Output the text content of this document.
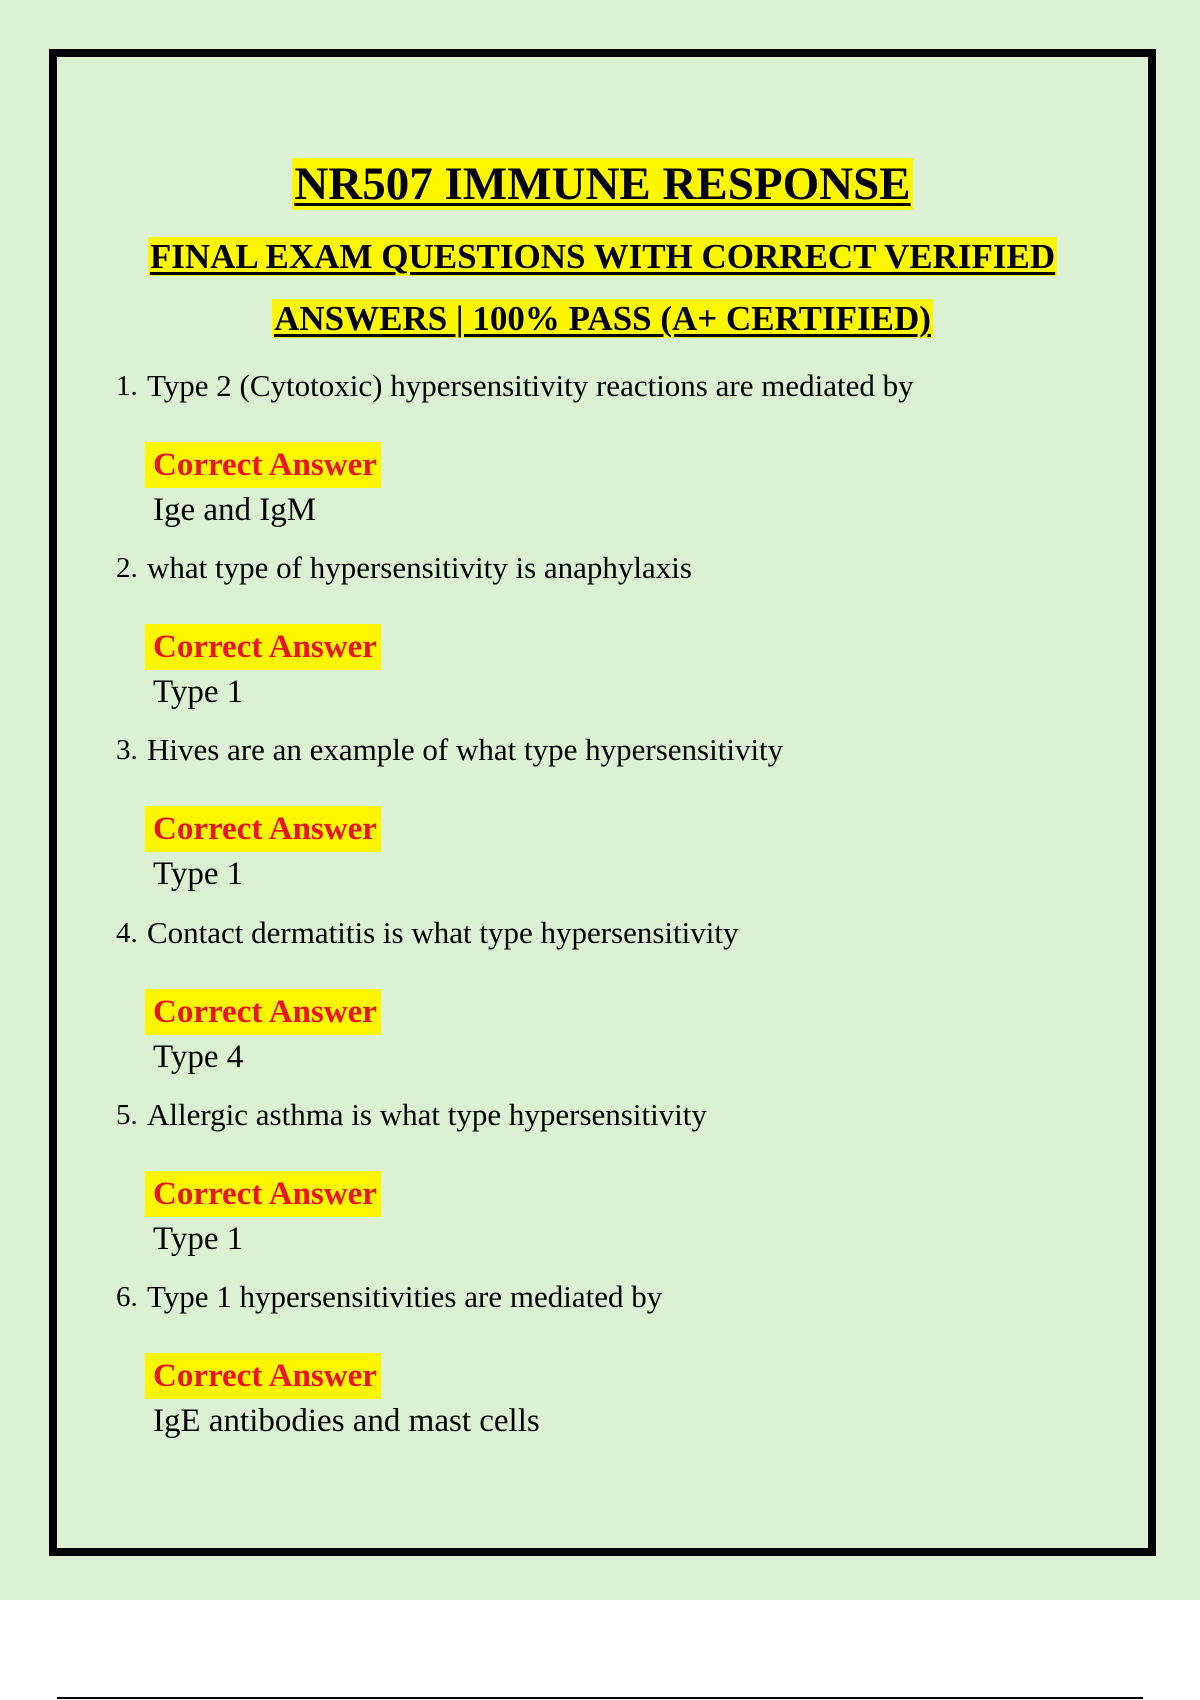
NR507 IMMUNE RESPONSE
FINAL EXAM QUESTIONS WITH CORRECT VERIFIED
ANSWERS | 100% PASS (A+ CERTIFIED)
1. Type 2 (Cytotoxic) hypersensitivity reactions are mediated by
Correct Answer
Ige and IgM
2. what type of hypersensitivity is anaphylaxis
Correct Answer
Type 1
3. Hives are an example of what type hypersensitivity
Correct Answer
Type 1
4. Contact dermatitis is what type hypersensitivity
Correct Answer
Type 4
5. Allergic asthma is what type hypersensitivity
Correct Answer
Type 1
6. Type 1 hypersensitivities are mediated by
Correct Answer
IgE antibodies and mast cells
